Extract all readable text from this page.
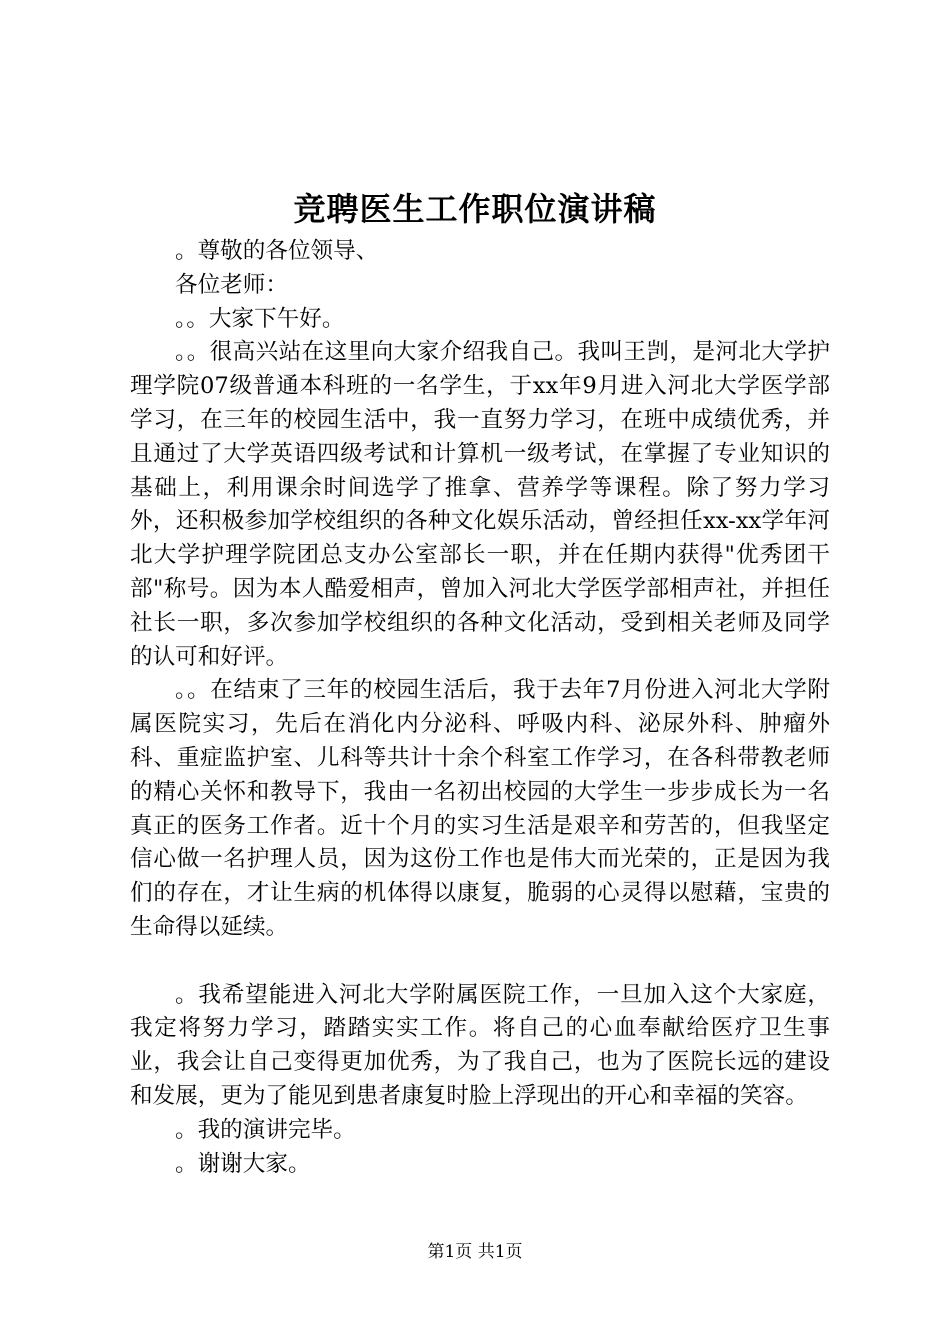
竞聘医生工作职位演讲稿

。尊敬的各位领导、

各位老师：

。。大家下午好。

。。很高兴站在这里向大家介绍我自己。我叫王剀，是河北大学护理学院07级普通本科班的一名学生，于xx年9月进入河北大学医学部学习，在三年的校园生活中，我一直努力学习，在班中成绩优秀，并且通过了大学英语四级考试和计算机一级考试，在掌握了专业知识的基础上，利用课余时间选学了推拿、营养学等课程。除了努力学习外，还积极参加学校组织的各种文化娱乐活动，曾经担任xx-xx学年河北大学护理学院团总支办公室部长一职，并在任期内获得"优秀团干部"称号。因为本人酷爱相声，曾加入河北大学医学部相声社，并担任社长一职，多次参加学校组织的各种文化活动，受到相关老师及同学的认可和好评。

。。在结束了三年的校园生活后，我于去年7月份进入河北大学附属医院实习，先后在消化内分泌科、呼吸内科、泌尿外科、肿瘤外科、重症监护室、儿科等共计十余个科室工作学习，在各科带教老师的精心关怀和教导下，我由一名初出校园的大学生一步步成长为一名真正的医务工作者。近十个月的实习生活是艰辛和劳苦的，但我坚定信心做一名护理人员，因为这份工作也是伟大而光荣的，正是因为我们的存在，才让生病的机体得以康复，脆弱的心灵得以慰藉，宝贵的生命得以延续。

。我希望能进入河北大学附属医院工作，一旦加入这个大家庭，我定将努力学习，踏踏实实工作。将自己的心血奉献给医疗卫生事业，我会让自己变得更加优秀，为了我自己，也为了医院长远的建设和发展，更为了能见到患者康复时脸上浮现出的开心和幸福的笑容。

。我的演讲完毕。

。谢谢大家。

第1页 共1页
